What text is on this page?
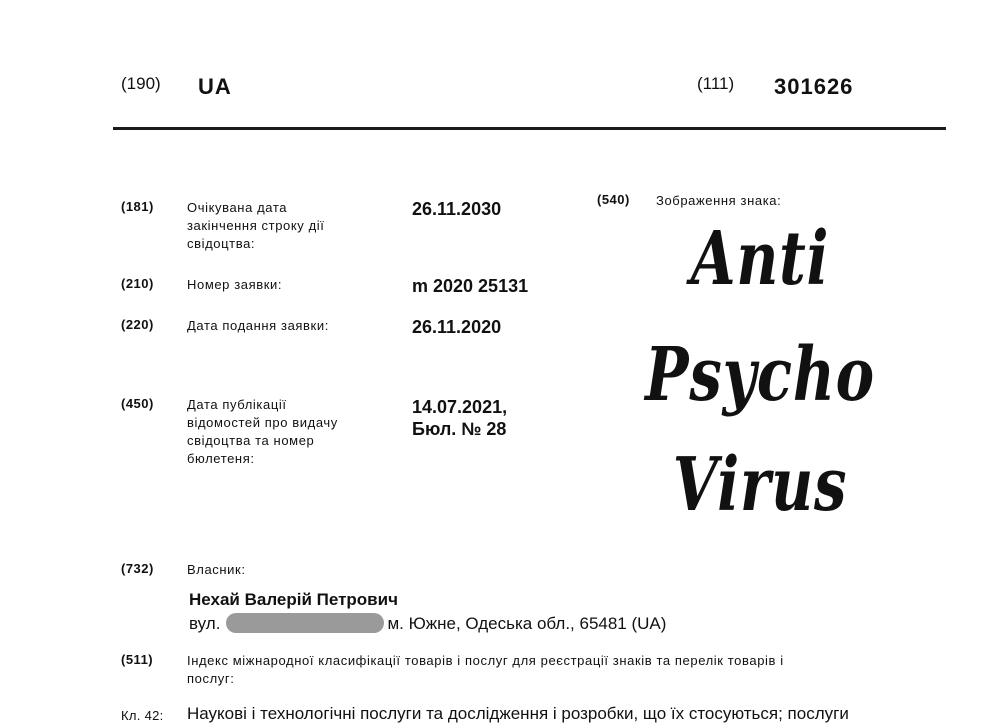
(190) UA	(111) 301626
(181)	Очікувана дата
закінчення строку дії
свідоцтва:
26.11.2030
(210)	Номер заявки:	m 2020 25131
(220)	Дата подання заявки:	26.11.2020
(450)	Дата публікації
відомостей про видачу
свідоцтва та номер
бюлетеня:
14.07.2021,
Бюл. № 28
(540) Зображення знака:
Anti
Psycho
Virus
(732)	Власник:
Нехай Валерій Петрович
вул.	м. Южне, Одеська обл., 65481 (UA)
(511)	Індекс міжнародної класифікації товарів і послуг для реєстрації знаків та перелік товарів і
послуг:
Кл. 42: Наукові і технологічні послуги та дослідження і розробки, що їх стосуються; послуги
